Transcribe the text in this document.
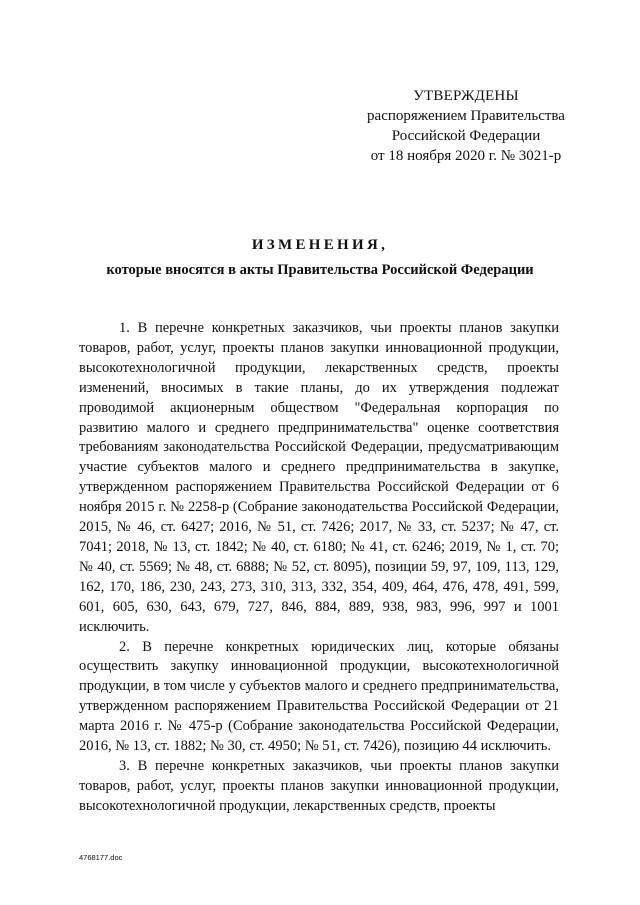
УТВЕРЖДЕНЫ
распоряжением Правительства
Российской Федерации
от 18 ноября 2020 г. № 3021-р
ИЗМЕНЕНИЯ,
которые вносятся в акты Правительства Российской Федерации

1. В перечне конкретных заказчиков, чьи проекты планов закупки товаров, работ, услуг, проекты планов закупки инновационной продукции, высокотехнологичной продукции, лекарственных средств, проекты изменений, вносимых в такие планы, до их утверждения подлежат проводимой акционерным обществом "Федеральная корпорация по развитию малого и среднего предпринимательства" оценке соответствия требованиям законодательства Российской Федерации, предусматривающим участие субъектов малого и среднего предпринимательства в закупке, утвержденном распоряжением Правительства Российской Федерации от 6 ноября 2015 г. № 2258-р (Собрание законодательства Российской Федерации, 2015, № 46, ст. 6427; 2016, № 51, ст. 7426; 2017, № 33, ст. 5237; № 47, ст. 7041; 2018, № 13, ст. 1842; № 40, ст. 6180; № 41, ст. 6246; 2019, № 1, ст. 70; № 40, ст. 5569; № 48, ст. 6888; № 52, ст. 8095), позиции 59, 97, 109, 113, 129, 162, 170, 186, 230, 243, 273, 310, 313, 332, 354, 409, 464, 476, 478, 491, 599, 601, 605, 630, 643, 679, 727, 846, 884, 889, 938, 983, 996, 997 и 1001 исключить.

2. В перечне конкретных юридических лиц, которые обязаны осуществить закупку инновационной продукции, высокотехнологичной продукции, в том числе у субъектов малого и среднего предпринимательства, утвержденном распоряжением Правительства Российской Федерации от 21 марта 2016 г. № 475-р (Собрание законодательства Российской Федерации, 2016, № 13, ст. 1882; № 30, ст. 4950; № 51, ст. 7426), позицию 44 исключить.

3. В перечне конкретных заказчиков, чьи проекты планов закупки товаров, работ, услуг, проекты планов закупки инновационной продукции, высокотехнологичной продукции, лекарственных средств, проекты

4768177.doc
